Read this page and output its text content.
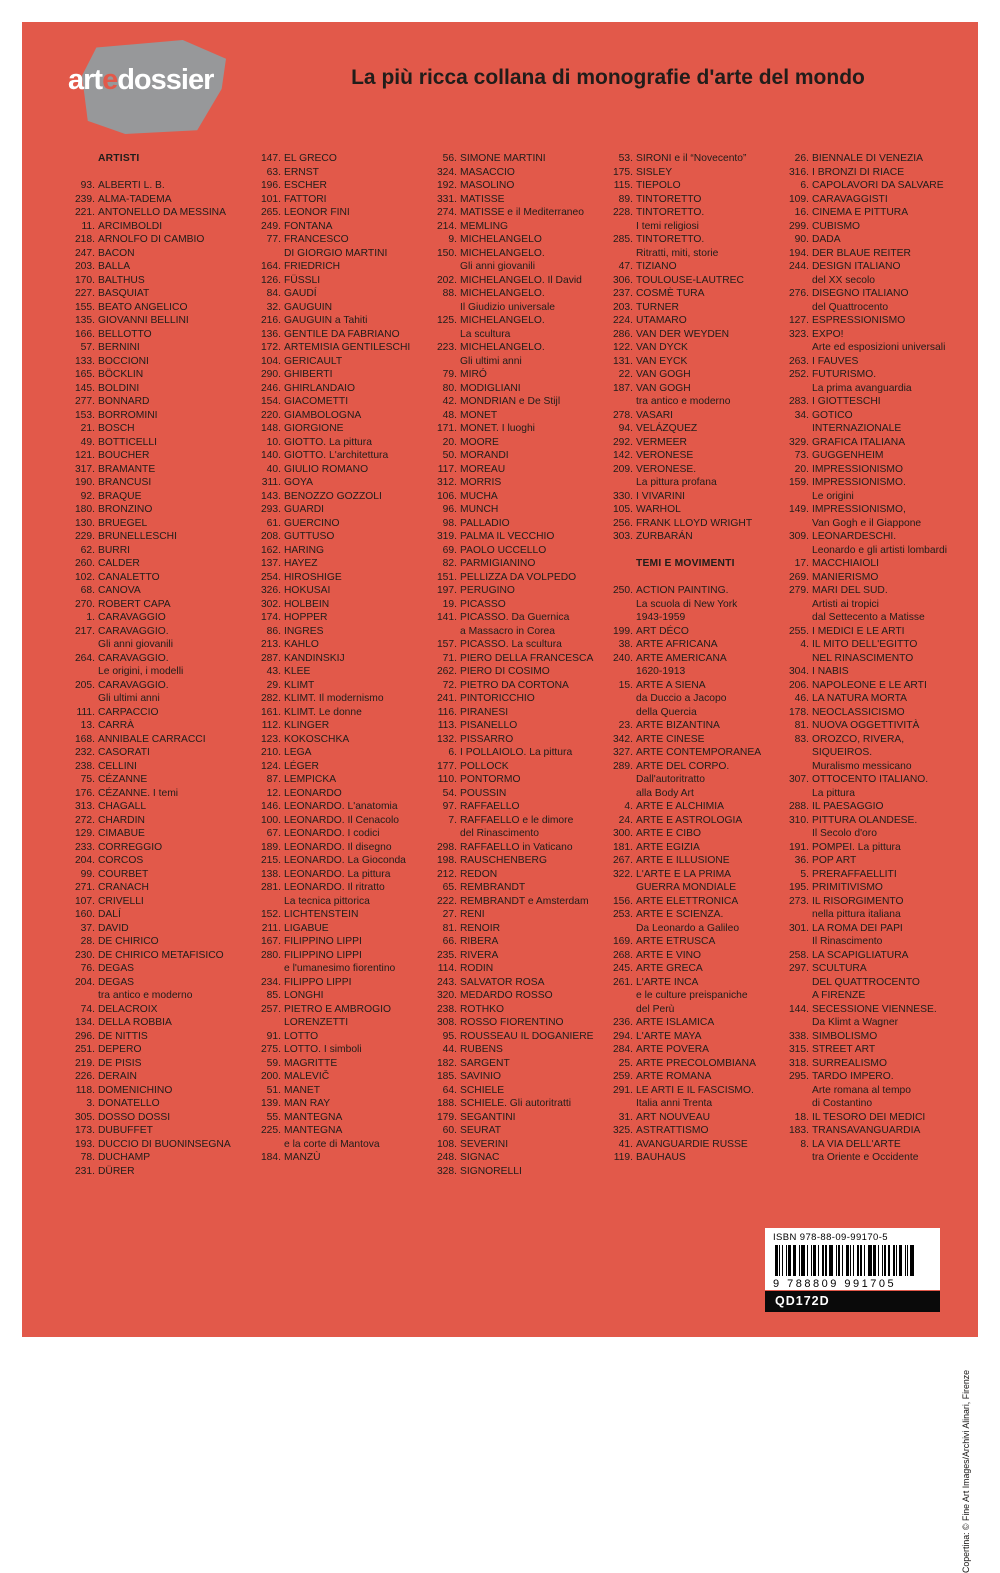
artedossier	La più ricca collana di monografie d'arte del mondo
ARTISTI
93. ALBERTI L. B.
239. ALMA-TADEMA
221. ANTONELLO DA MESSINA
11. ARCIMBOLDI
218. ARNOLFO DI CAMBIO
247. BACON
203. BALLA
170. BALTHUS
227. BASQUIAT
155. BEATO ANGELICO
135. GIOVANNI BELLINI
166. BELLOTTO
57. BERNINI
133. BOCCIONI
165. BÖCKLIN
145. BOLDINI
277. BONNARD
153. BORROMINI
21. BOSCH
49. BOTTICELLI
121. BOUCHER
317. BRAMANTE
190. BRANCUSI
92. BRAQUE
180. BRONZINO
130. BRUEGEL
229. BRUNELLESCHI
62. BURRI
260. CALDER
102. CANALETTO
68. CANOVA
270. ROBERT CAPA
1. CARAVAGGIO
217. CARAVAGGIO.
Gli anni giovanili
264. CARAVAGGIO.
Le origini, i modelli
205. CARAVAGGIO.
Gli ultimi anni
111. CARPACCIO
13. CARRÀ
168. ANNIBALE CARRACCI
232. CASORATI
238. CELLINI
75. CÉZANNE
176. CÉZANNE. I temi
313. CHAGALL
272. CHARDIN
129. CIMABUE
233. CORREGGIO
204. CORCOS
99. COURBET
271. CRANACH
107. CRIVELLI
160. DALÍ
37. DAVID
28. DE CHIRICO
230. DE CHIRICO METAFISICO
76. DEGAS
204. DEGAS
tra antico e moderno
74. DELACROIX
134. DELLA ROBBIA
296. DE NITTIS
251. DEPERO
219. DE PISIS
226. DERAIN
118. DOMENICHINO
3. DONATELLO
305. DOSSO DOSSI
173. DUBUFFET
193. DUCCIO DI BUONINSEGNA
78. DUCHAMP
231. DÜRER
147. EL GRECO
63. ERNST
196. ESCHER
101. FATTORI
265. LEONOR FINI
249. FONTANA
77. FRANCESCO
DI GIORGIO MARTINI
164. FRIEDRICH
126. FÜSSLI
84. GAUDÍ
32. GAUGUIN
216. GAUGUIN a Tahiti
136. GENTILE DA FABRIANO
172. ARTEMISIA GENTILESCHI
104. GERICAULT
290. GHIBERTI
246. GHIRLANDAIO
154. GIACOMETTI
220. GIAMBOLOGNA
148. GIORGIONE
10. GIOTTO. La pittura
140. GIOTTO. L'architettura
40. GIULIO ROMANO
311. GOYA
143. BENOZZO GOZZOLI
293. GUARDI
61. GUERCINO
208. GUTTUSO
162. HARING
137. HAYEZ
254. HIROSHIGE
326. HOKUSAI
302. HOLBEIN
174. HOPPER
86. INGRES
213. KAHLO
287. KANDINSKIJ
43. KLEE
29. KLIMT
282. KLIMT. Il modernismo
161. KLIMT. Le donne
112. KLINGER
123. KOKOSCHKA
210. LEGA
124. LÉGER
87. LEMPICKA
12. LEONARDO
146. LEONARDO. L'anatomia
100. LEONARDO. Il Cenacolo
67. LEONARDO. I codici
189. LEONARDO. Il disegno
215. LEONARDO. La Gioconda
138. LEONARDO. La pittura
281. LEONARDO. Il ritratto
La tecnica pittorica
152. LICHTENSTEIN
211. LIGABUE
167. FILIPPINO LIPPI
280. FILIPPINO LIPPI
e l'umanesimo fiorentino
234. FILIPPO LIPPI
85. LONGHI
257. PIETRO E AMBROGIO
LORENZETTI
91. LOTTO
275. LOTTO. I simboli
59. MAGRITTE
200. MALEVIČ
51. MANET
139. MAN RAY
55. MANTEGNA
225. MANTEGNA
e la corte di Mantova
184. MANZÙ
56. SIMONE MARTINI
324. MASACCIO
192. MASOLINO
331. MATISSE
274. MATISSE e il Mediterraneo
214. MEMLING
9. MICHELANGELO
150. MICHELANGELO.
Gli anni giovanili
202. MICHELANGELO. Il David
88. MICHELANGELO.
Il Giudizio universale
125. MICHELANGELO.
La scultura
223. MICHELANGELO.
Gli ultimi anni
79. MIRÓ
80. MODIGLIANI
42. MONDRIAN e De Stijl
48. MONET
171. MONET. I luoghi
20. MOORE
50. MORANDI
117. MOREAU
312. MORRIS
106. MUCHA
96. MUNCH
98. PALLADIO
319. PALMA IL VECCHIO
69. PAOLO UCCELLO
82. PARMIGIANINO
151. PELLIZZA DA VOLPEDO
197. PERUGINO
19. PICASSO
141. PICASSO. Da Guernica
a Massacro in Corea
157. PICASSO. La scultura
71. PIERO DELLA FRANCESCA
262. PIERO DI COSIMO
72. PIETRO DA CORTONA
241. PINTORICCHIO
116. PIRANESI
113. PISANELLO
132. PISSARRO
6. I POLLAIOLO. La pittura
177. POLLOCK
110. PONTORMO
54. POUSSIN
97. RAFFAELLO
7. RAFFAELLO e le dimore
del Rinascimento
298. RAFFAELLO in Vaticano
198. RAUSCHENBERG
212. REDON
65. REMBRANDT
222. REMBRANDT e Amsterdam
27. RENI
81. RENOIR
66. RIBERA
235. RIVERA
114. RODIN
243. SALVATOR ROSA
320. MEDARDO ROSSO
238. ROTHKO
308. ROSSO FIORENTINO
95. ROUSSEAU IL DOGANIERE
44. RUBENS
182. SARGENT
185. SAVINIO
64. SCHIELE
188. SCHIELE. Gli autoritratti
179. SEGANTINI
60. SEURAT
108. SEVERINI
248. SIGNAC
328. SIGNORELLI
53. SIRONI e il “Novecento”
175. SISLEY
115. TIEPOLO
89. TINTORETTO
228. TINTORETTO.
I temi religiosi
285. TINTORETTO.
Ritratti, miti, storie
47. TIZIANO
306. TOULOUSE-LAUTREC
237. COSMÈ TURA
203. TURNER
224. UTAMARO
286. VAN DER WEYDEN
122. VAN DYCK
131. VAN EYCK
22. VAN GOGH
187. VAN GOGH
tra antico e moderno
278. VASARI
94. VELÁZQUEZ
292. VERMEER
142. VERONESE
209. VERONESE.
La pittura profana
330. I VIVARINI
105. WARHOL
256. FRANK LLOYD WRIGHT
303. ZURBARÁN
TEMI E MOVIMENTI
250. ACTION PAINTING.
La scuola di New York
1943-1959
199. ART DÉCO
38. ARTE AFRICANA
240. ARTE AMERICANA
1620-1913
15. ARTE A SIENA
da Duccio a Jacopo
della Quercia
23. ARTE BIZANTINA
342. ARTE CINESE
327. ARTE CONTEMPORANEA
289. ARTE DEL CORPO.
Dall'autoritratto
alla Body Art
4. ARTE E ALCHIMIA
24. ARTE E ASTROLOGIA
300. ARTE E CIBO
181. ARTE EGIZIA
267. ARTE E ILLUSIONE
322. L'ARTE E LA PRIMA
GUERRA MONDIALE
156. ARTE ELETTRONICA
253. ARTE E SCIENZA.
Da Leonardo a Galileo
169. ARTE ETRUSCA
268. ARTE E VINO
245. ARTE GRECA
261. L'ARTE INCA
e le culture preispaniche
del Perù
236. ARTE ISLAMICA
294. L'ARTE MAYA
284. ARTE POVERA
25. ARTE PRECOLOMBIANA
259. ARTE ROMANA
291. LE ARTI E IL FASCISMO.
Italia anni Trenta
31. ART NOUVEAU
325. ASTRATTISMO
41. AVANGUARDIE RUSSE
119. BAUHAUS
26. BIENNALE DI VENEZIA
316. I BRONZI DI RIACE
6. CAPOLAVORI DA SALVARE
109. CARAVAGGISTI
16. CINEMA E PITTURA
299. CUBISMO
90. DADA
194. DER BLAUE REITER
244. DESIGN ITALIANO
del XX secolo
276. DISEGNO ITALIANO
del Quattrocento
127. ESPRESSIONISMO
323. EXPO!
Arte ed esposizioni universali
263. I FAUVES
252. FUTURISMO.
La prima avanguardia
283. I GIOTTESCHI
34. GOTICO
INTERNAZIONALE
329. GRAFICA ITALIANA
73. GUGGENHEIM
20. IMPRESSIONISMO
159. IMPRESSIONISMO.
Le origini
149. IMPRESSIONISMO,
Van Gogh e il Giappone
309. LEONARDESCHI.
Leonardo e gli artisti lombardi
17. MACCHIAIOLI
269. MANIERISMO
279. MARI DEL SUD.
Artisti ai tropici
dal Settecento a Matisse
255. I MEDICI E LE ARTI
4. IL MITO DELL'EGITTO
NEL RINASCIMENTO
304. I NABIS
206. NAPOLEONE E LE ARTI
46. LA NATURA MORTA
178. NEOCLASSICISMO
81. NUOVA OGGETTIVITÀ
83. OROZCO, RIVERA,
SIQUEIROS.
Muralismo messicano
307. OTTOCENTO ITALIANO.
La pittura
288. IL PAESAGGIO
310. PITTURA OLANDESE.
Il Secolo d'oro
191. POMPEI. La pittura
36. POP ART
5. PRERAFFAELLITI
195. PRIMITIVISMO
273. IL RISORGIMENTO
nella pittura italiana
301. LA ROMA DEI PAPI
Il Rinascimento
258. LA SCAPIGLIATURA
297. SCULTURA
DEL QUATTROCENTO
A FIRENZE
144. SECESSIONE VIENNESE.
Da Klimt a Wagner
338. SIMBOLISMO
315. STREET ART
318. SURREALISMO
295. TARDO IMPERO.
Arte romana al tempo
di Costantino
18. IL TESORO DEI MEDICI
183. TRANSAVANGUARDIA
8. LA VIA DELL'ARTE
tra Oriente e Occidente
ISBN 978-88-09-99170-5
9 788809 991705
QD172D
Copertina: © Fine Art Images/Archivi Alinari, Firenze
